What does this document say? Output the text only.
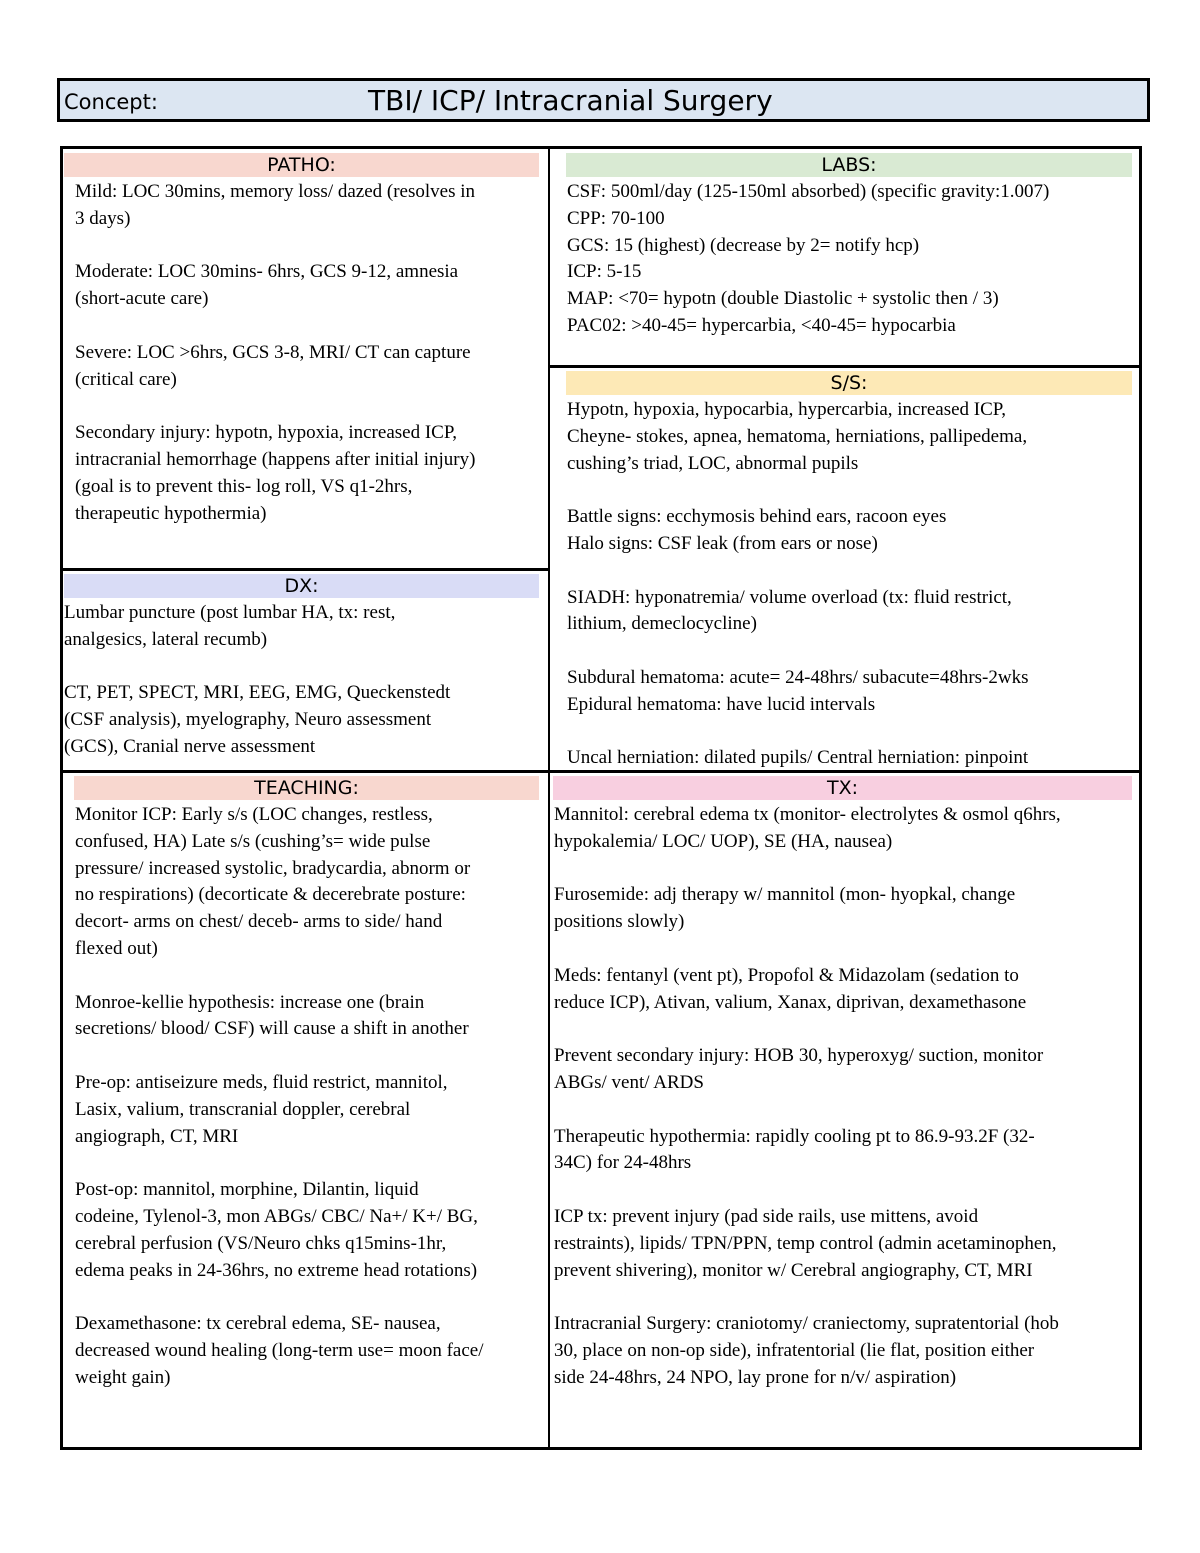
Concept:	TBI/ ICP/ Intracranial Surgery
PATHO:

Mild: LOC 30mins, memory loss/ dazed (resolves in
3 days)

Moderate: LOC 30mins- 6hrs, GCS 9-12, amnesia
(short-acute care)

Severe: LOC >6hrs, GCS 3-8, MRI/ CT can capture
(critical care)

Secondary injury: hypotn, hypoxia, increased ICP,
intracranial hemorrhage (happens after initial injury)
(goal is to prevent this- log roll, VS q1-2hrs,
therapeutic hypothermia)

LABS:

CSF: 500ml/day (125-150ml absorbed) (specific gravity:1.007)
CPP: 70-100
GCS: 15 (highest) (decrease by 2= notify hcp)
ICP: 5-15
MAP: <70= hypotn (double Diastolic + systolic then / 3)
PAC02: >40-45= hypercarbia, <40-45= hypocarbia

S/S:

Hypotn, hypoxia, hypocarbia, hypercarbia, increased ICP,
Cheyne- stokes, apnea, hematoma, herniations, pallipedema,
cushing’s triad, LOC, abnormal pupils

Battle signs: ecchymosis behind ears, racoon eyes
Halo signs: CSF leak (from ears or nose)

SIADH: hyponatremia/ volume overload (tx: fluid restrict,
lithium, demeclocycline)

Subdural hematoma: acute= 24-48hrs/ subacute=48hrs-2wks
Epidural hematoma: have lucid intervals

Uncal herniation: dilated pupils/ Central herniation: pinpoint

DX:

Lumbar puncture (post lumbar HA, tx: rest,
analgesics, lateral recumb)

CT, PET, SPECT, MRI, EEG, EMG, Queckenstedt
(CSF analysis), myelography, Neuro assessment
(GCS), Cranial nerve assessment

TEACHING:

Monitor ICP: Early s/s (LOC changes, restless,
confused, HA) Late s/s (cushing’s= wide pulse
pressure/ increased systolic, bradycardia, abnorm or
no respirations) (decorticate & decerebrate posture:
decort- arms on chest/ deceb- arms to side/ hand
flexed out)

Monroe-kellie hypothesis: increase one (brain
secretions/ blood/ CSF) will cause a shift in another

Pre-op: antiseizure meds, fluid restrict, mannitol,
Lasix, valium, transcranial doppler, cerebral
angiograph, CT, MRI

Post-op: mannitol, morphine, Dilantin, liquid
codeine, Tylenol-3, mon ABGs/ CBC/ Na+/ K+/ BG,
cerebral perfusion (VS/Neuro chks q15mins-1hr,
edema peaks in 24-36hrs, no extreme head rotations)

Dexamethasone: tx cerebral edema, SE- nausea,
decreased wound healing (long-term use= moon face/
weight gain)

TX:

Mannitol: cerebral edema tx (monitor- electrolytes & osmol q6hrs,
hypokalemia/ LOC/ UOP), SE (HA, nausea)

Furosemide: adj therapy w/ mannitol (mon- hyopkal, change
positions slowly)

Meds: fentanyl (vent pt), Propofol & Midazolam (sedation to
reduce ICP), Ativan, valium, Xanax, diprivan, dexamethasone

Prevent secondary injury: HOB 30, hyperoxyg/ suction, monitor
ABGs/ vent/ ARDS

Therapeutic hypothermia: rapidly cooling pt to 86.9-93.2F (32-
34C) for 24-48hrs

ICP tx: prevent injury (pad side rails, use mittens, avoid
restraints), lipids/ TPN/PPN, temp control (admin acetaminophen,
prevent shivering), monitor w/ Cerebral angiography, CT, MRI

Intracranial Surgery: craniotomy/ craniectomy, supratentorial (hob
30, place on non-op side), infratentorial (lie flat, position either
side 24-48hrs, 24 NPO, lay prone for n/v/ aspiration)
